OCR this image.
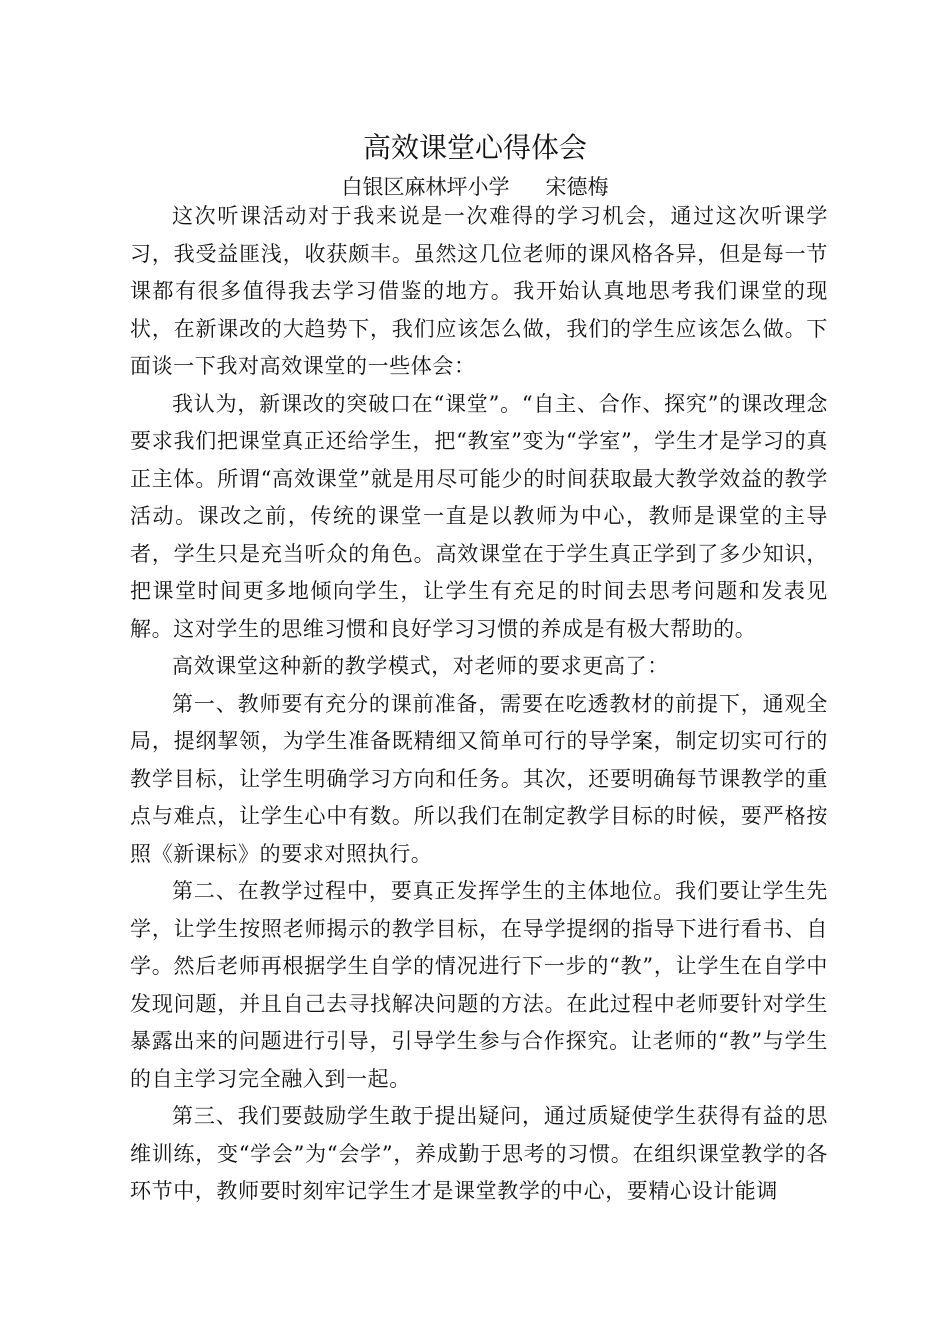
高效课堂心得体会
白银区麻林坪小学 宋德梅

这次听课活动对于我来说是一次难得的学习机会，通过这次听课学习，我受益匪浅，收获颇丰。虽然这几位老师的课风格各异，但是每一节课都有很多值得我去学习借鉴的地方。我开始认真地思考我们课堂的现状，在新课改的大趋势下，我们应该怎么做，我们的学生应该怎么做。下面谈一下我对高效课堂的一些体会：

我认为，新课改的突破口在“课堂”。“自主、合作、探究”的课改理念要求我们把课堂真正还给学生，把“教室”变为“学室”，学生才是学习的真正主体。所谓“高效课堂”就是用尽可能少的时间获取最大教学效益的教学活动。课改之前，传统的课堂一直是以教师为中心，教师是课堂的主导者，学生只是充当听众的角色。高效课堂在于学生真正学到了多少知识，把课堂时间更多地倾向学生，让学生有充足的时间去思考问题和发表见解。这对学生的思维习惯和良好学习习惯的养成是有极大帮助的。

高效课堂这种新的教学模式，对老师的要求更高了：

第一、教师要有充分的课前准备，需要在吃透教材的前提下，通观全局，提纲挈领，为学生准备既精细又简单可行的导学案，制定切实可行的教学目标，让学生明确学习方向和任务。其次，还要明确每节课教学的重点与难点，让学生心中有数。所以我们在制定教学目标的时候，要严格按照《新课标》的要求对照执行。

第二、在教学过程中，要真正发挥学生的主体地位。我们要让学生先学，让学生按照老师揭示的教学目标，在导学提纲的指导下进行看书、自学。然后老师再根据学生自学的情况进行下一步的“教”，让学生在自学中发现问题，并且自己去寻找解决问题的方法。在此过程中老师要针对学生暴露出来的问题进行引导，引导学生参与合作探究。让老师的“教”与学生的自主学习完全融入到一起。

第三、我们要鼓励学生敢于提出疑问，通过质疑使学生获得有益的思维训练，变“学会”为“会学”，养成勤于思考的习惯。在组织课堂教学的各环节中，教师要时刻牢记学生才是课堂教学的中心，要精心设计能调
